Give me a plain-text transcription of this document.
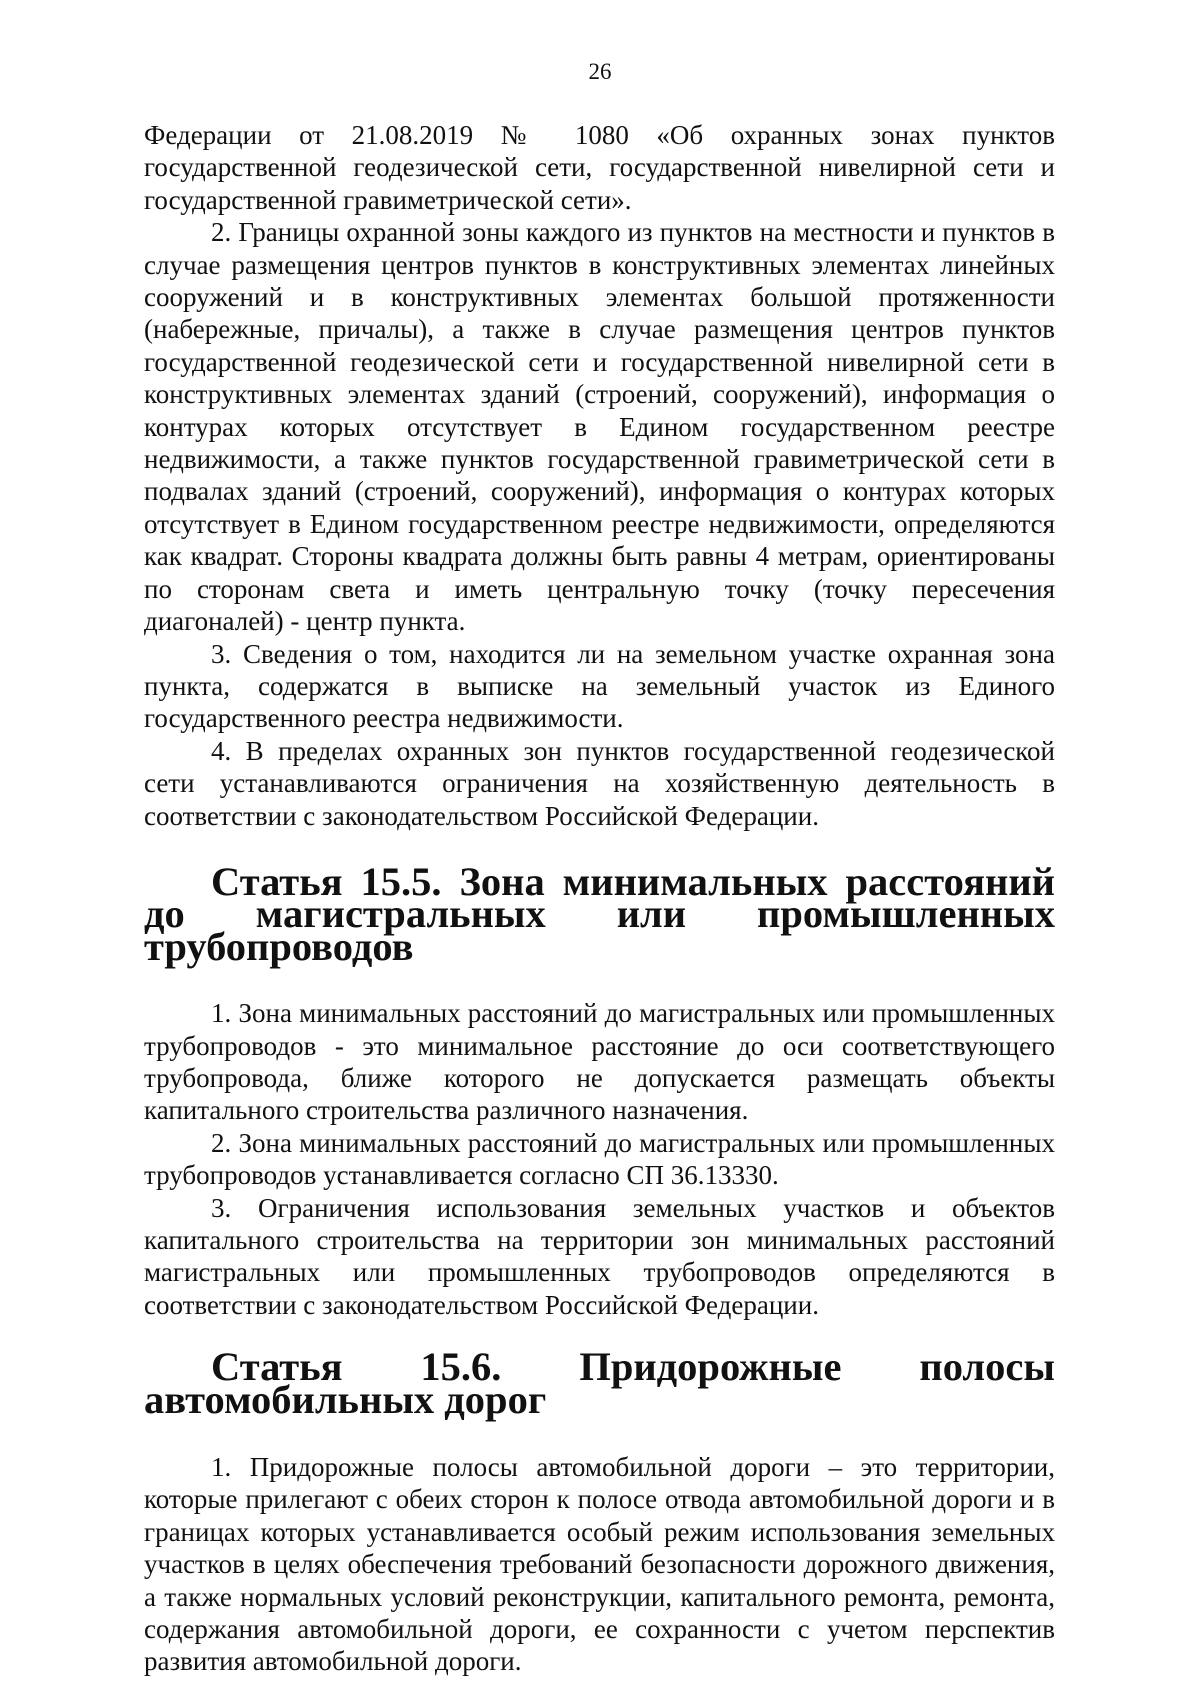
26

Федерации от 21.08.2019 № 1080 «Об охранных зонах пунктов государственной геодезической сети, государственной нивелирной сети и государственной гравиметрической сети».

2. Границы охранной зоны каждого из пунктов на местности и пунктов в случае размещения центров пунктов в конструктивных элементах линейных сооружений и в конструктивных элементах большой протяженности (набережные, причалы), а также в случае размещения центров пунктов государственной геодезической сети и государственной нивелирной сети в конструктивных элементах зданий (строений, сооружений), информация о контурах которых отсутствует в Едином государственном реестре недвижимости, а также пунктов государственной гравиметрической сети в подвалах зданий (строений, сооружений), информация о контурах которых отсутствует в Едином государственном реестре недвижимости, определяются как квадрат. Стороны квадрата должны быть равны 4 метрам, ориентированы по сторонам света и иметь центральную точку (точку пересечения диагоналей) - центр пункта.

3. Сведения о том, находится ли на земельном участке охранная зона пункта, содержатся в выписке на земельный участок из Единого государственного реестра недвижимости.

4. В пределах охранных зон пунктов государственной геодезической сети устанавливаются ограничения на хозяйственную деятельность в соответствии с законодательством Российской Федерации.

Статья 15.5. Зона минимальных расстояний до магистральных или промышленных трубопроводов

1. Зона минимальных расстояний до магистральных или промышленных трубопроводов - это минимальное расстояние до оси соответствующего трубопровода, ближе которого не допускается размещать объекты капитального строительства различного назначения.

2. Зона минимальных расстояний до магистральных или промышленных трубопроводов устанавливается согласно СП 36.13330.

3. Ограничения использования земельных участков и объектов капитального строительства на территории зон минимальных расстояний магистральных или промышленных трубопроводов определяются в соответствии с законодательством Российской Федерации.

Статья 15.6. Придорожные полосы автомобильных дорог

1. Придорожные полосы автомобильной дороги – это территории, которые прилегают с обеих сторон к полосе отвода автомобильной дороги и в границах которых устанавливается особый режим использования земельных участков в целях обеспечения требований безопасности дорожного движения, а также нормальных условий реконструкции, капитального ремонта, ремонта, содержания автомобильной дороги, ее сохранности с учетом перспектив развития автомобильной дороги.
